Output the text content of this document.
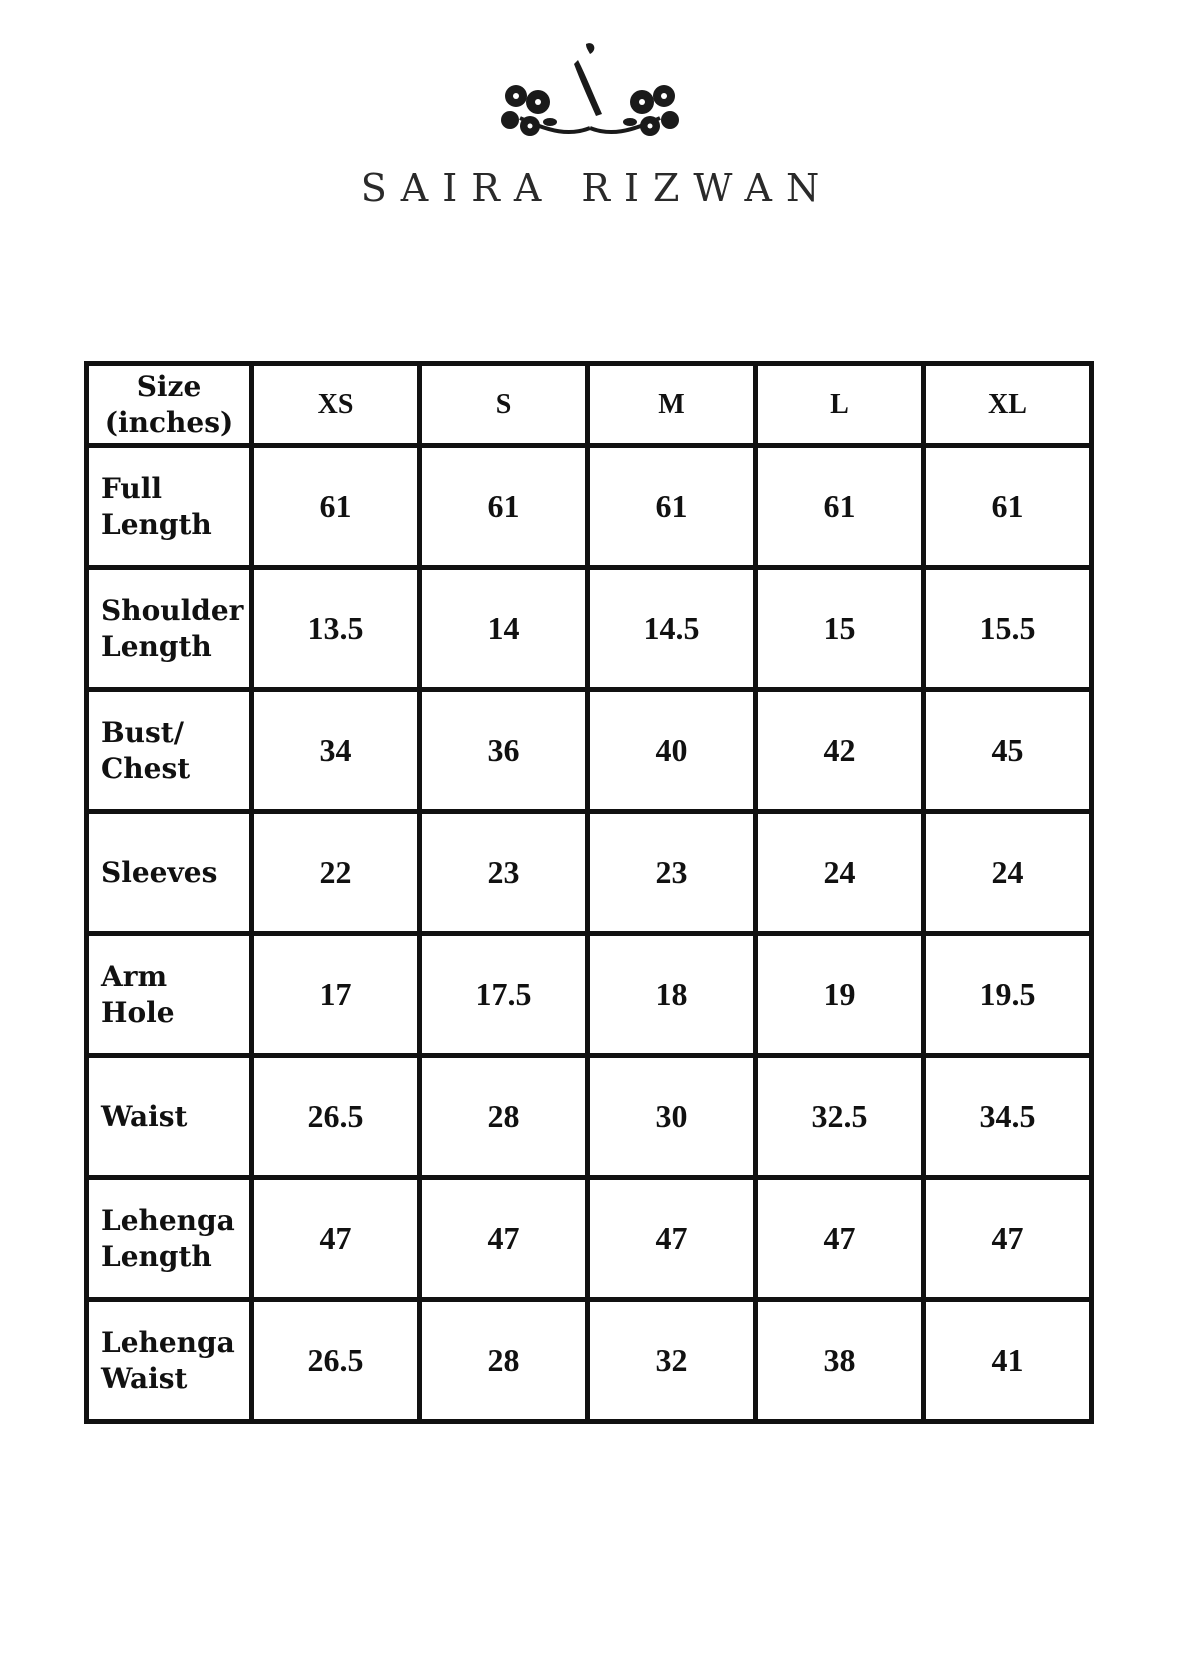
SAIRA RIZWAN
Size
(inches)	XS	S	M	L	XL
Full
Length	61	61	61	61	61
Shoulder
Length	13.5	14	14.5	15	15.5
Bust/
Chest	34	36	40	42	45
Sleeves	22	23	23	24	24
Arm Hole	17	17.5	18	19	19.5
Waist	26.5	28	30	32.5	34.5
Lehenga
Length	47	47	47	47	47
Lehenga
Waist	26.5	28	32	38	41
